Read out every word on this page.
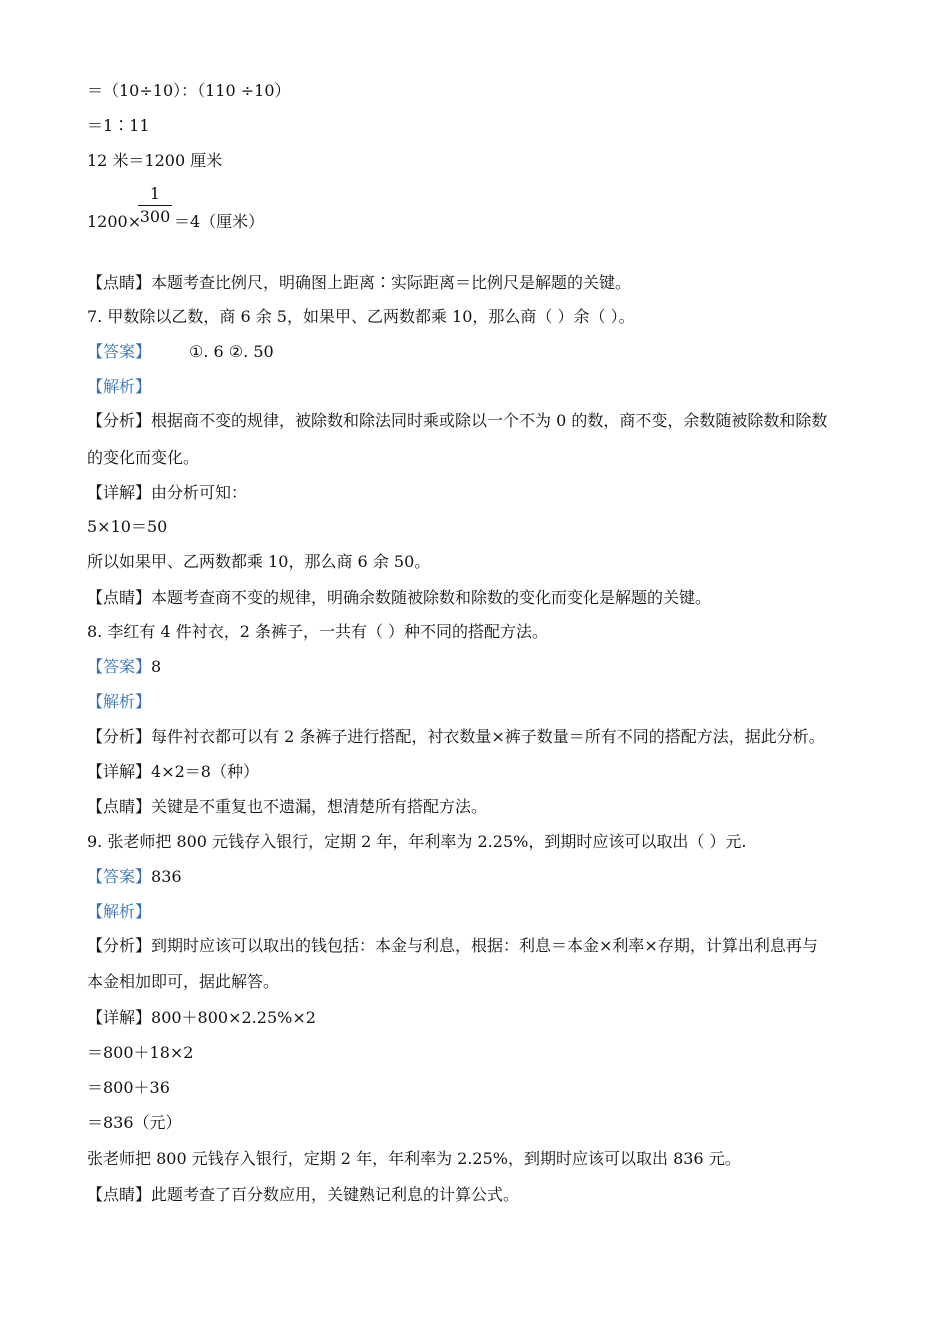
＝（10÷10）：（110 ÷10）
＝1∶11
12 米＝1200 厘米
1200×
1
300 ＝4（厘米）
【点睛】本题考查比例尺，明确图上距离∶实际距离＝比例尺是解题的关键。
7. 甲数除以乙数，商 6 余 5，如果甲、乙两数都乘 10，那么商（ ）余（ ）。
【答案】 ①. 6 ②. 50
【解析】
【分析】根据商不变的规律，被除数和除法同时乘或除以一个不为 0 的数，商不变，余数随被除数和除数
的变化而变化。
【详解】由分析可知：
5×10＝50
所以如果甲、乙两数都乘 10，那么商 6 余 50。
【点睛】本题考查商不变的规律，明确余数随被除数和除数的变化而变化是解题的关键。
8. 李红有 4 件衬衣，2 条裤子，一共有（ ）种不同的搭配方法。
【答案】8
【解析】
【分析】每件衬衣都可以有 2 条裤子进行搭配，衬衣数量×裤子数量＝所有不同的搭配方法，据此分析。
【详解】4×2＝8（种）
【点睛】关键是不重复也不遗漏，想清楚所有搭配方法。
9. 张老师把 800 元钱存入银行，定期 2 年，年利率为 2.25%，到期时应该可以取出（ ）元.
【答案】836
【解析】
【分析】到期时应该可以取出的钱包括：本金与利息，根据：利息＝本金×利率×存期，计算出利息再与
本金相加即可，据此解答。
【详解】800＋800×2.25%×2
＝800＋18×2
＝800＋36
＝836（元）
张老师把 800 元钱存入银行，定期 2 年，年利率为 2.25%，到期时应该可以取出 836 元。
【点睛】此题考查了百分数应用，关键熟记利息的计算公式。
